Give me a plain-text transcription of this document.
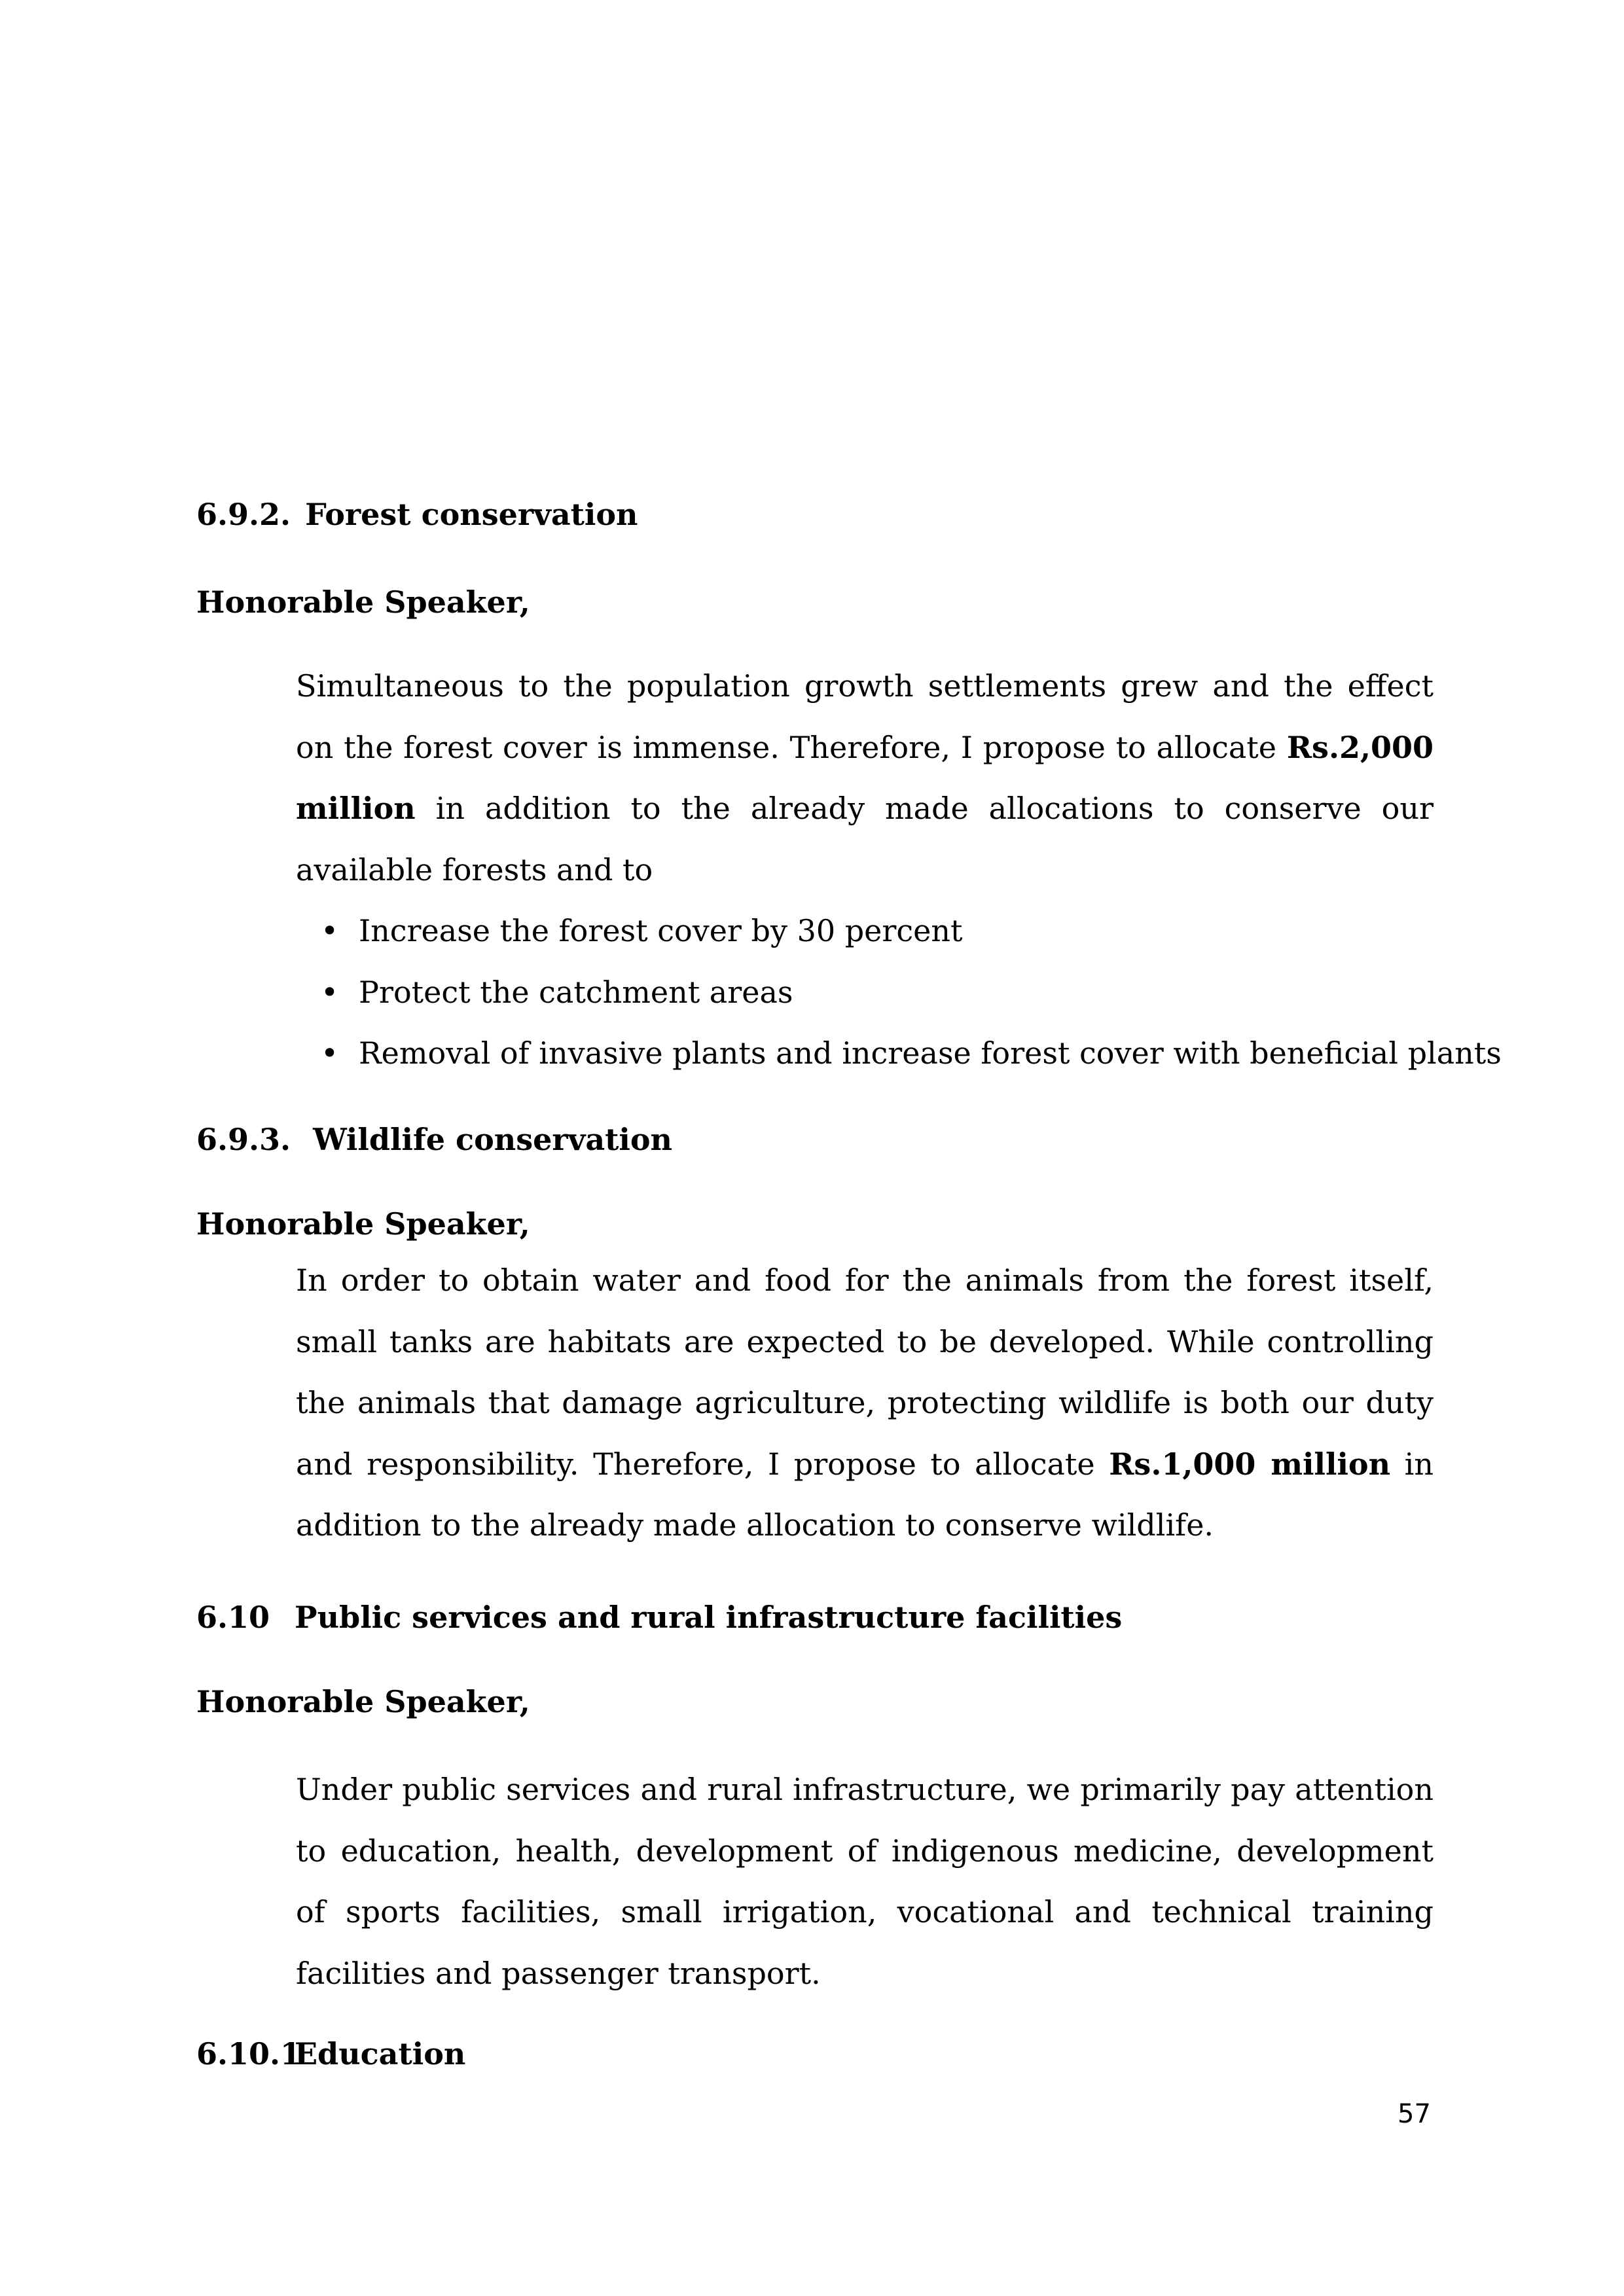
6.9.2. Forest conservation
Honorable Speaker,

Simultaneous to the population growth settlements grew and the effect on the forest cover is immense. Therefore, I propose to allocate Rs.2,000 million in addition to the already made allocations to conserve our available forests and to

• Increase the forest cover by 30 percent
• Protect the catchment areas
• Removal of invasive plants and increase forest cover with beneficial plants
6.9.3. Wildlife conservation
Honorable Speaker,

In order to obtain water and food for the animals from the forest itself, small tanks are habitats are expected to be developed. While controlling the animals that damage agriculture, protecting wildlife is both our duty and responsibility. Therefore, I propose to allocate Rs.1,000 million in addition to the already made allocation to conserve wildlife.

6.10 Public services and rural infrastructure facilities
Honorable Speaker,

Under public services and rural infrastructure, we primarily pay attention to education, health, development of indigenous medicine, development of sports facilities, small irrigation, vocational and technical training facilities and passenger transport.

6.10.1
Education
57
